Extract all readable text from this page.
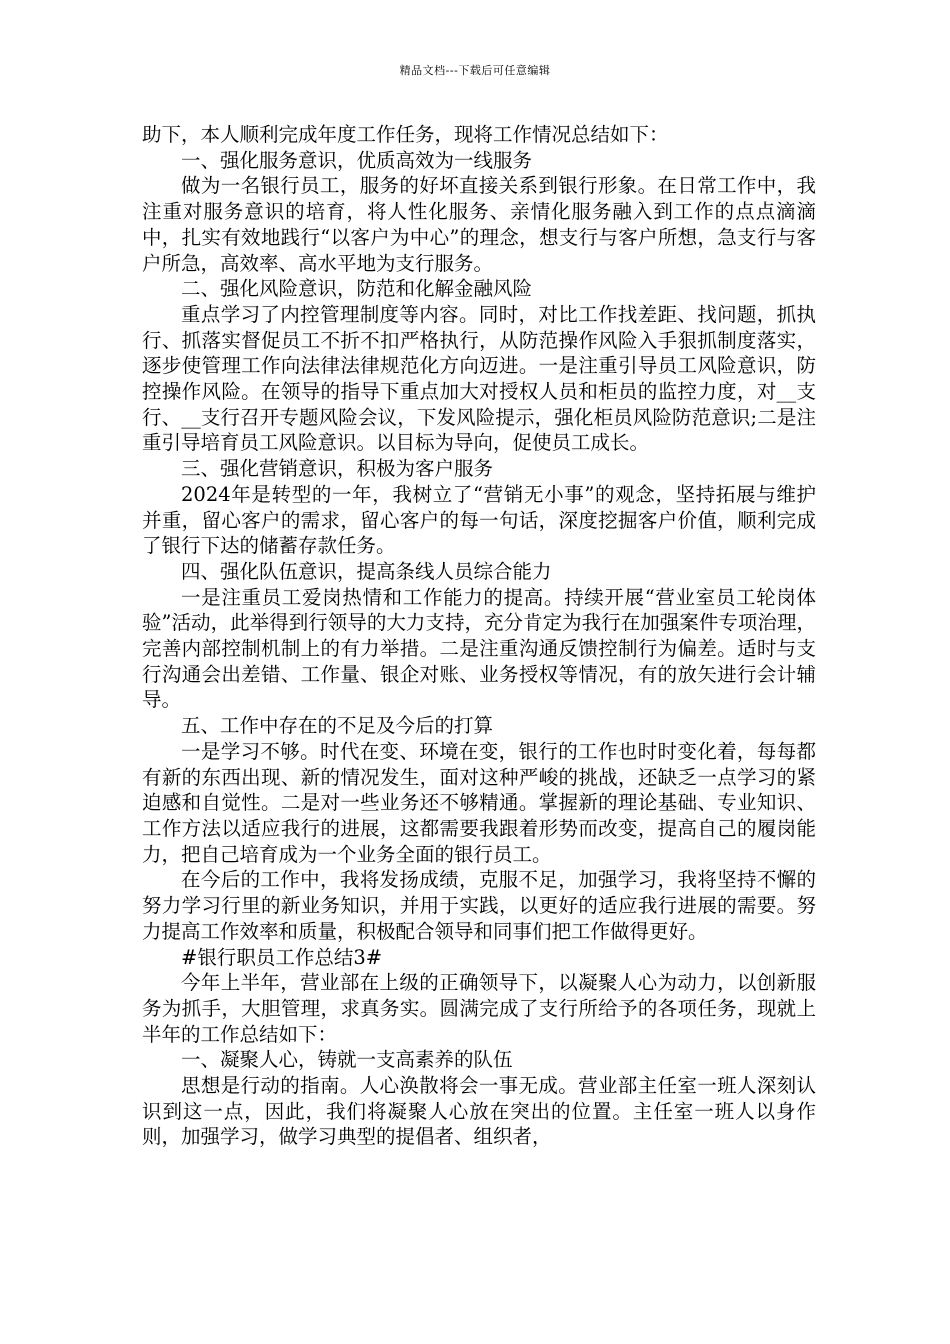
精品文档---下载后可任意编辑

助下，本人顺利完成年度工作任务，现将工作情况总结如下：

一、强化服务意识，优质高效为一线服务

做为一名银行员工，服务的好坏直接关系到银行形象。在日常工作中，我注重对服务意识的培育，将人性化服务、亲情化服务融入到工作的点点滴滴中，扎实有效地践行“以客户为中心”的理念，想支行与客户所想，急支行与客户所急，高效率、高水平地为支行服务。

二、强化风险意识，防范和化解金融风险

重点学习了内控管理制度等内容。同时，对比工作找差距、找问题，抓执行、抓落实督促员工不折不扣严格执行，从防范操作风险入手狠抓制度落实，逐步使管理工作向法律法律规范化方向迈进。一是注重引导员工风险意识，防控操作风险。在领导的指导下重点加大对授权人员和柜员的监控力度，对__支行、__支行召开专题风险会议，下发风险提示，强化柜员风险防范意识;二是注重引导培育员工风险意识。以目标为导向，促使员工成长。

三、强化营销意识，积极为客户服务

2024年是转型的一年，我树立了“营销无小事”的观念，坚持拓展与维护并重，留心客户的需求，留心客户的每一句话，深度挖掘客户价值，顺利完成了银行下达的储蓄存款任务。

四、强化队伍意识，提高条线人员综合能力

一是注重员工爱岗热情和工作能力的提高。持续开展“营业室员工轮岗体验”活动，此举得到行领导的大力支持，充分肯定为我行在加强案件专项治理，完善内部控制机制上的有力举措。二是注重沟通反馈控制行为偏差。适时与支行沟通会出差错、工作量、银企对账、业务授权等情况，有的放矢进行会计辅导。

五、工作中存在的不足及今后的打算

一是学习不够。时代在变、环境在变，银行的工作也时时变化着，每每都有新的东西出现、新的情况发生，面对这种严峻的挑战，还缺乏一点学习的紧迫感和自觉性。二是对一些业务还不够精通。掌握新的理论基础、专业知识、工作方法以适应我行的进展，这都需要我跟着形势而改变，提高自己的履岗能力，把自己培育成为一个业务全面的银行员工。

在今后的工作中，我将发扬成绩，克服不足，加强学习，我将坚持不懈的努力学习行里的新业务知识，并用于实践，以更好的适应我行进展的需要。努力提高工作效率和质量，积极配合领导和同事们把工作做得更好。

#银行职员工作总结3#

今年上半年，营业部在上级的正确领导下，以凝聚人心为动力，以创新服务为抓手，大胆管理，求真务实。圆满完成了支行所给予的各项任务，现就上半年的工作总结如下：

一、凝聚人心，铸就一支高素养的队伍

思想是行动的指南。人心涣散将会一事无成。营业部主任室一班人深刻认识到这一点，因此，我们将凝聚人心放在突出的位置。主任室一班人以身作则，加强学习，做学习典型的提倡者、组织者，
